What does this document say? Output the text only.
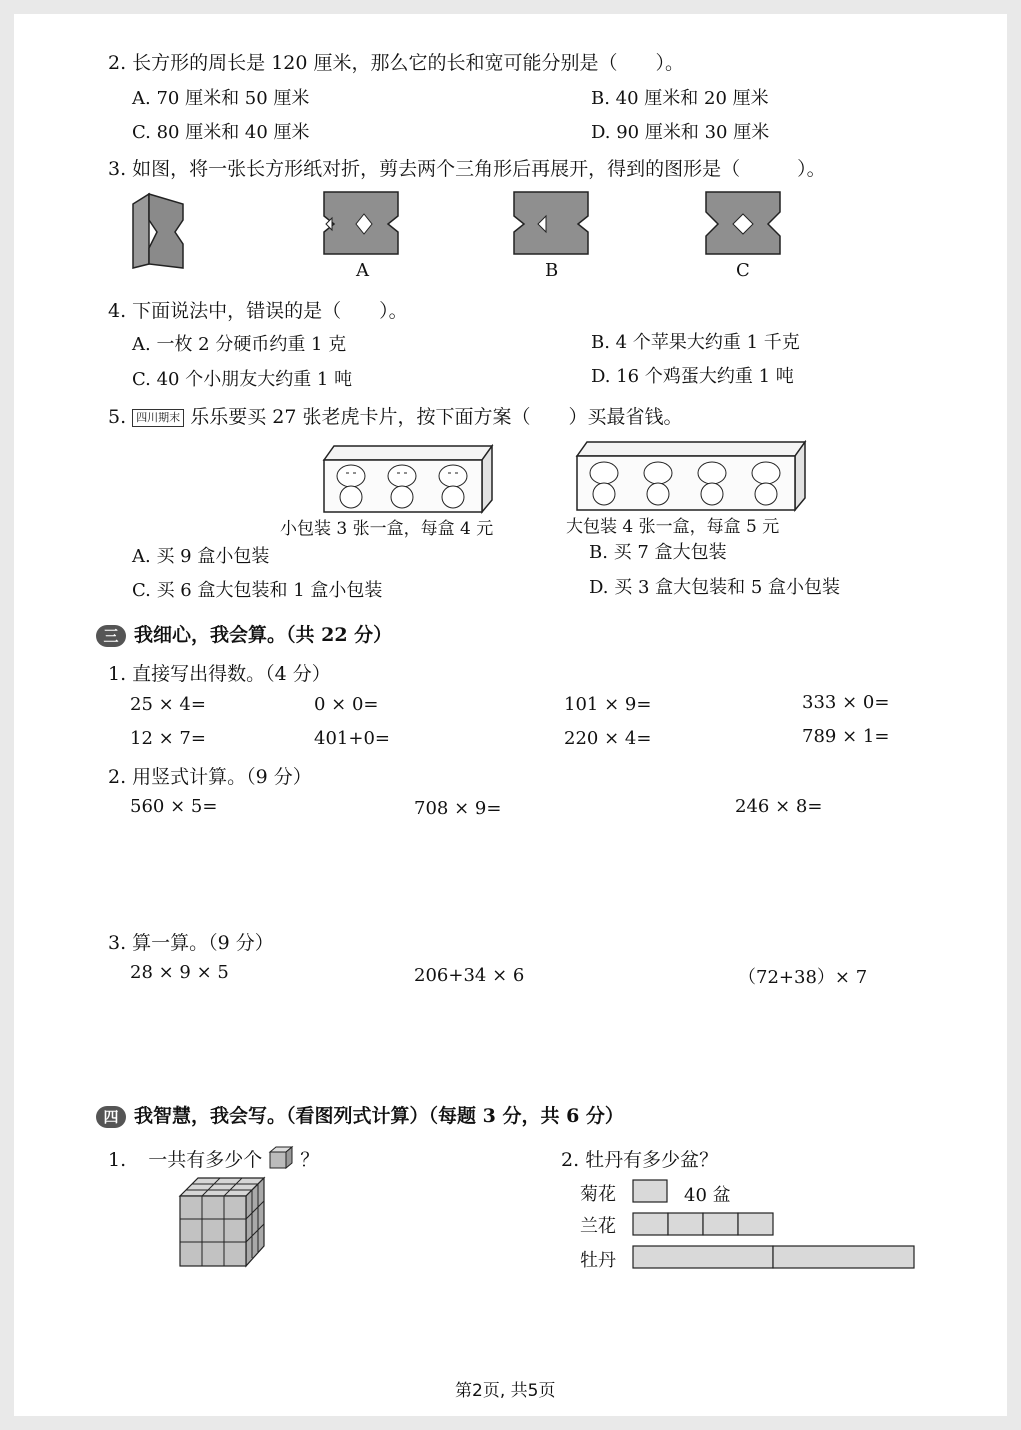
2. 长方形的周长是 120 厘米，那么它的长和宽可能分别是（　　）。
A. 70 厘米和 50 厘米	B. 40 厘米和 20 厘米
C. 80 厘米和 40 厘米	D. 90 厘米和 30 厘米
3. 如图，将一张长方形纸对折，剪去两个三角形后再展开，得到的图形是（　　　）。
A	B	C
4. 下面说法中，错误的是（　　）。
A. 一枚 2 分硬币约重 1 克	B. 4 个苹果大约重 1 千克
C. 40 个小朋友大约重 1 吨	D. 16 个鸡蛋大约重 1 吨
5. 四川期末 乐乐要买 27 张老虎卡片，按下面方案（　　）买最省钱。
小包装 3 张一盒，每盒 4 元	大包装 4 张一盒，每盒 5 元
A. 买 9 盒小包装	B. 买 7 盒大包装
C. 买 6 盒大包装和 1 盒小包装	D. 买 3 盒大包装和 5 盒小包装
三 我细心，我会算。（共 22 分）
1. 直接写出得数。（4 分）
25 × 4=	0 × 0=	101 × 9=	333 × 0=
12 × 7=	401+0=	220 × 4=	789 × 1=
2. 用竖式计算。（9 分）
560 × 5=	708 × 9=	246 × 8=
3. 算一算。（9 分）
28 × 9 × 5	206+34 × 6	（72+38）× 7
四 我智慧，我会写。（看图列式计算）（每题 3 分，共 6 分）
1. 一共有多少个 ？	2. 牡丹有多少盆？
菊花
兰花
牡丹
40 盆
第2页, 共5页
